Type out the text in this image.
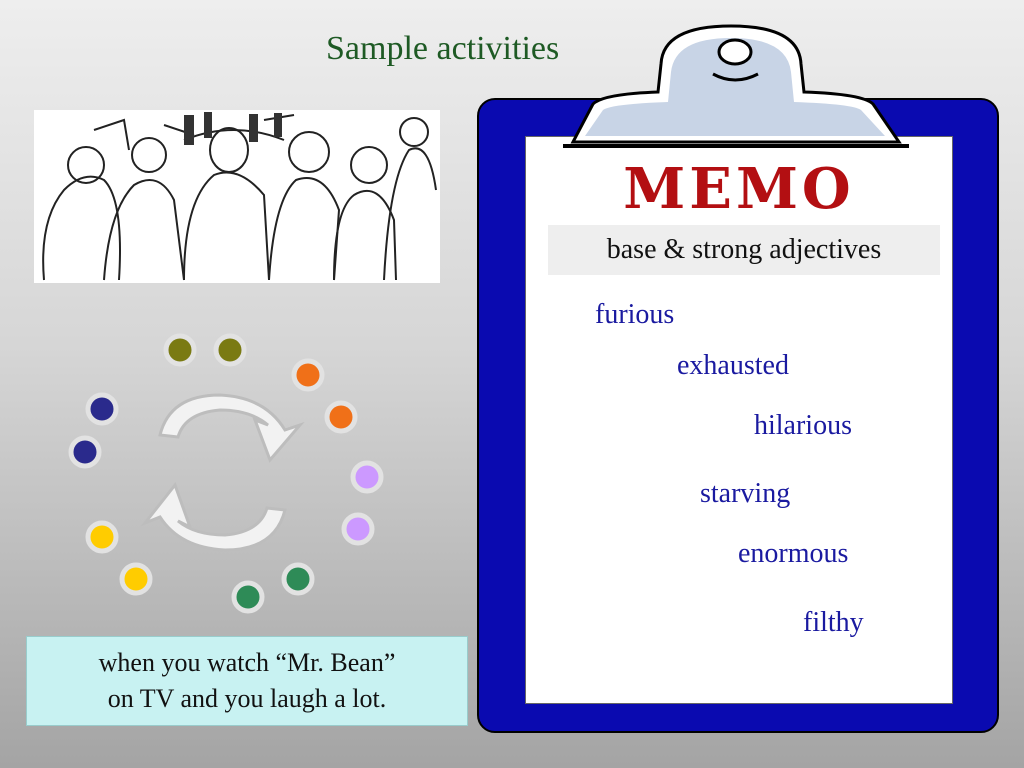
Sample activities
when you watch “Mr. Bean”
on TV and you laugh a lot.
MEMO
base & strong adjectives
furious
exhausted
hilarious
starving
enormous
filthy
